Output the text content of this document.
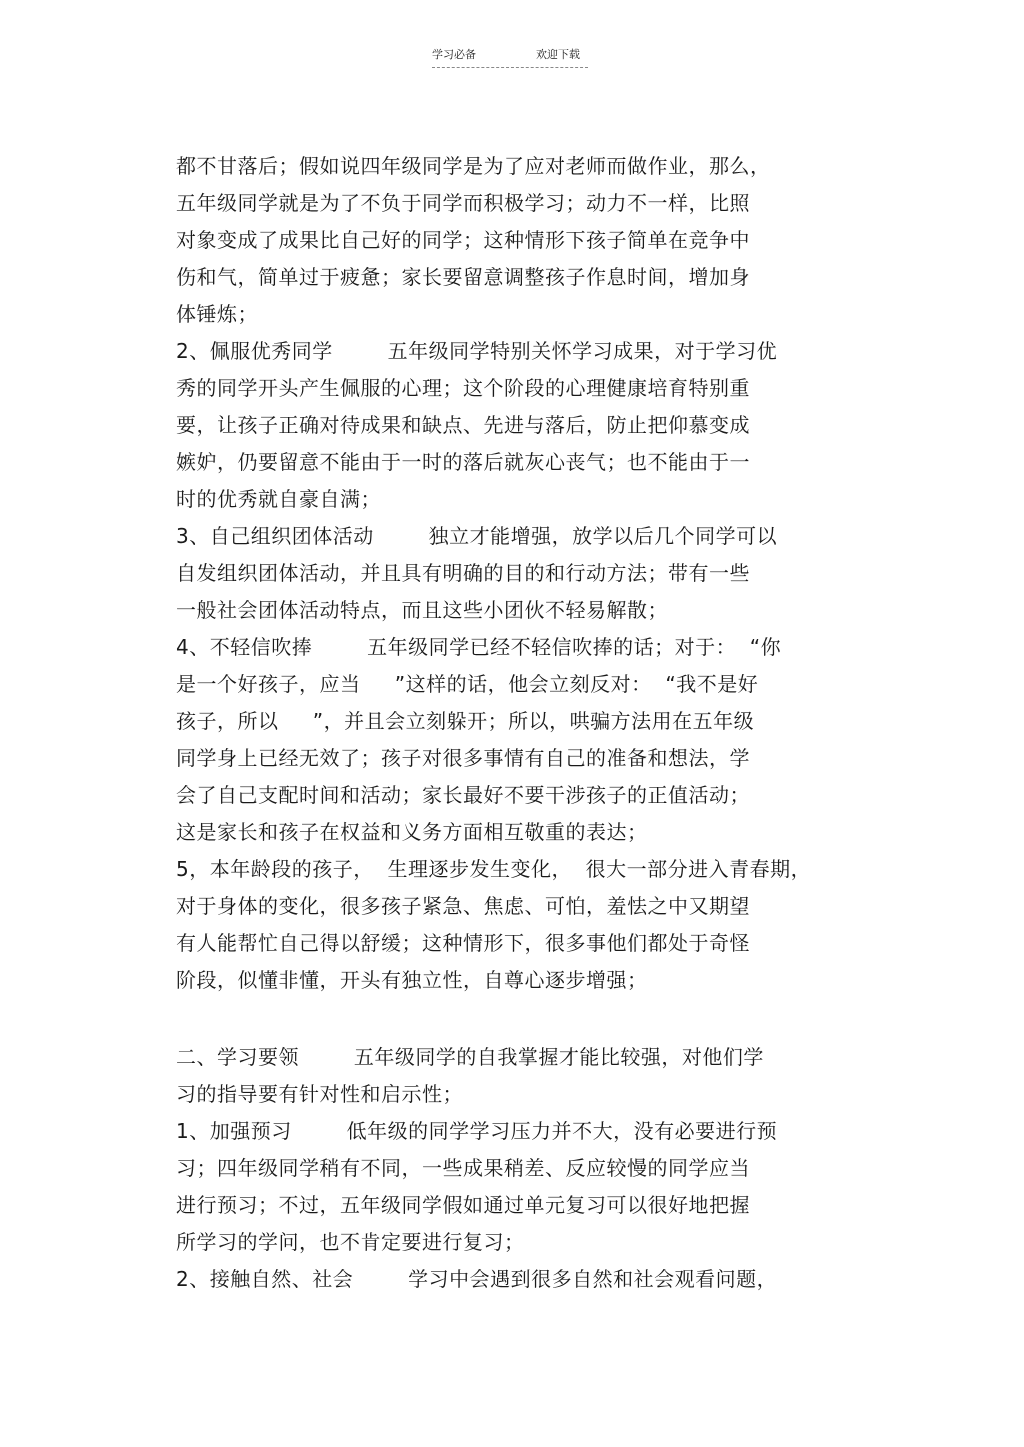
学习必备	欢迎下载
都不甘落后；假如说四年级同学是为了应对老师而做作业，那么，
五年级同学就是为了不负于同学而积极学习；动力不一样，比照
对象变成了成果比自己好的同学；这种情形下孩子简单在竞争中
伤和气，简单过于疲惫；家长要留意调整孩子作息时间，增加身
体锤炼；
2、佩服优秀同学        五年级同学特别关怀学习成果，对于学习优
秀的同学开头产生佩服的心理；这个阶段的心理健康培育特别重
要，让孩子正确对待成果和缺点、先进与落后，防止把仰慕变成
嫉妒，仍要留意不能由于一时的落后就灰心丧气；也不能由于一
时的优秀就自豪自满；
3、自己组织团体活动        独立才能增强，放学以后几个同学可以
自发组织团体活动，并且具有明确的目的和行动方法；带有一些
一般社会团体活动特点，而且这些小团伙不轻易解散；
4、不轻信吹捧        五年级同学已经不轻信吹捧的话；对于：  “你
是一个好孩子，应当     ”这样的话，他会立刻反对：  “我不是好
孩子，所以     ”，并且会立刻躲开；所以，哄骗方法用在五年级
同学身上已经无效了；孩子对很多事情有自己的准备和想法，学
会了自己支配时间和活动；家长最好不要干涉孩子的正值活动；
这是家长和孩子在权益和义务方面相互敬重的表达；
5，本年龄段的孩子，  生理逐步发生变化，  很大一部分进入青春期，
对于身体的变化，很多孩子紧急、焦虑、可怕，羞怯之中又期望
有人能帮忙自己得以舒缓；这种情形下，很多事他们都处于奇怪
阶段，似懂非懂，开头有独立性，自尊心逐步增强；
二、学习要领        五年级同学的自我掌握才能比较强，对他们学
习的指导要有针对性和启示性；
1、加强预习        低年级的同学学习压力并不大，没有必要进行预
习；四年级同学稍有不同，一些成果稍差、反应较慢的同学应当
进行预习；不过，五年级同学假如通过单元复习可以很好地把握
所学习的学问，也不肯定要进行复习；
2、接触自然、社会        学习中会遇到很多自然和社会观看问题，
